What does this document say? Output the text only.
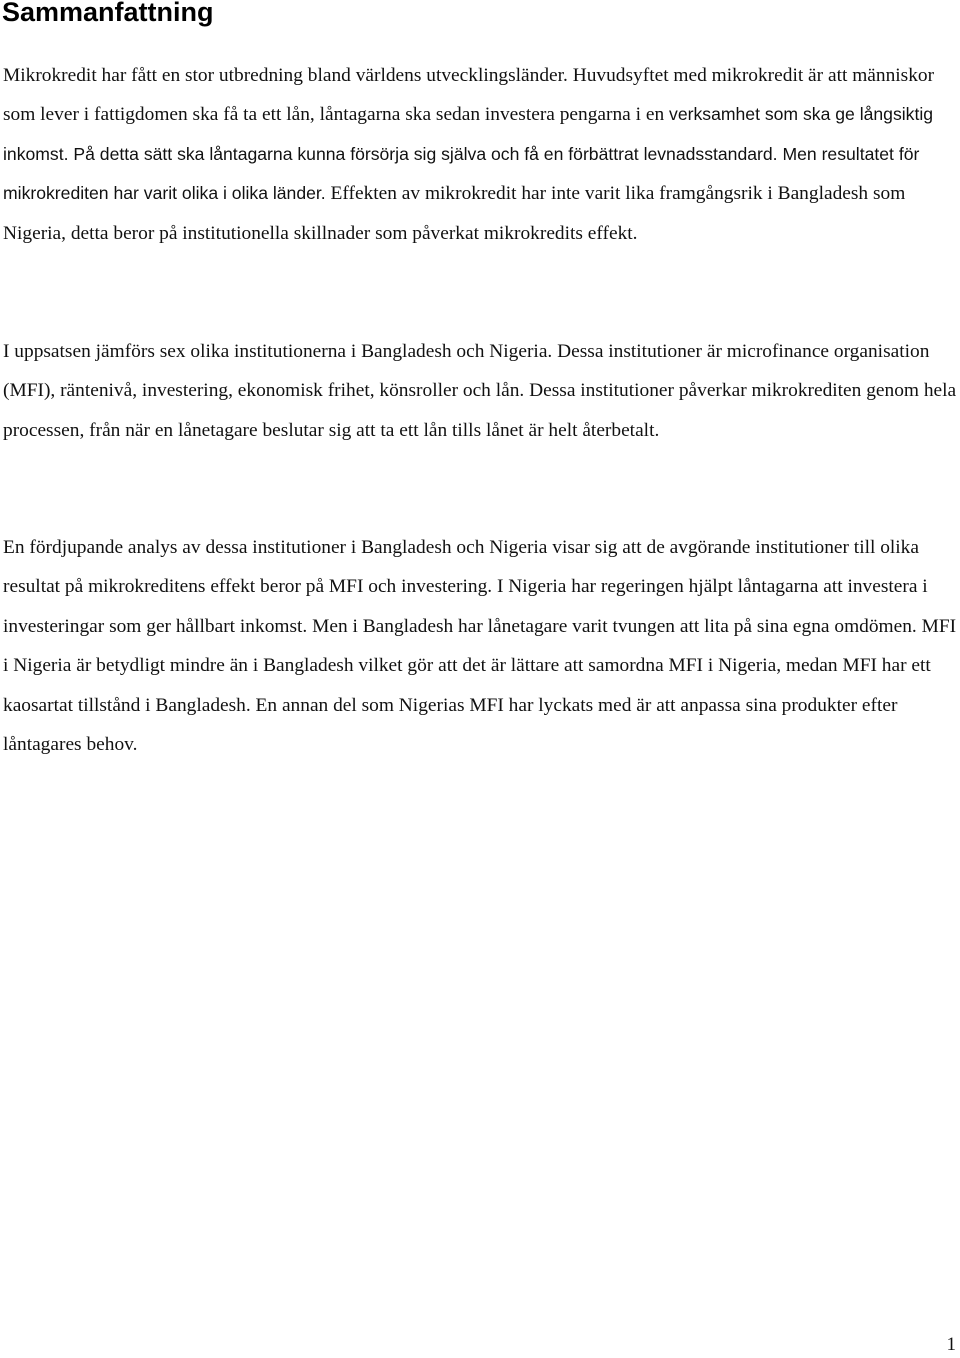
Sammanfattning

Mikrokredit har fått en stor utbredning bland världens utvecklingsländer. Huvudsyftet med mikrokredit är att människor som lever i fattigdomen ska få ta ett lån, låntagarna ska sedan investera pengarna i en verksamhet som ska ge långsiktig inkomst. På detta sätt ska låntagarna kunna försörja sig själva och få en förbättrat levnadsstandard. Men resultatet för mikrokrediten har varit olika i olika länder. Effekten av mikrokredit har inte varit lika framgångsrik i Bangladesh som Nigeria, detta beror på institutionella skillnader som påverkat mikrokredits effekt.

I uppsatsen jämförs sex olika institutionerna i Bangladesh och Nigeria. Dessa institutioner är microfinance organisation (MFI), räntenivå, investering, ekonomisk frihet, könsroller och lån. Dessa institutioner påverkar mikrokrediten genom hela processen, från när en lånetagare beslutar sig att ta ett lån tills lånet är helt återbetalt.

En fördjupande analys av dessa institutioner i Bangladesh och Nigeria visar sig att de avgörande institutioner till olika resultat på mikrokreditens effekt beror på MFI och investering. I Nigeria har regeringen hjälpt låntagarna att investera i investeringar som ger hållbart inkomst. Men i Bangladesh har lånetagare varit tvungen att lita på sina egna omdömen. MFI i Nigeria är betydligt mindre än i Bangladesh vilket gör att det är lättare att samordna MFI i Nigeria, medan MFI har ett kaosartat tillstånd i Bangladesh. En annan del som Nigerias MFI har lyckats med är att anpassa sina produkter efter låntagares behov.

1
